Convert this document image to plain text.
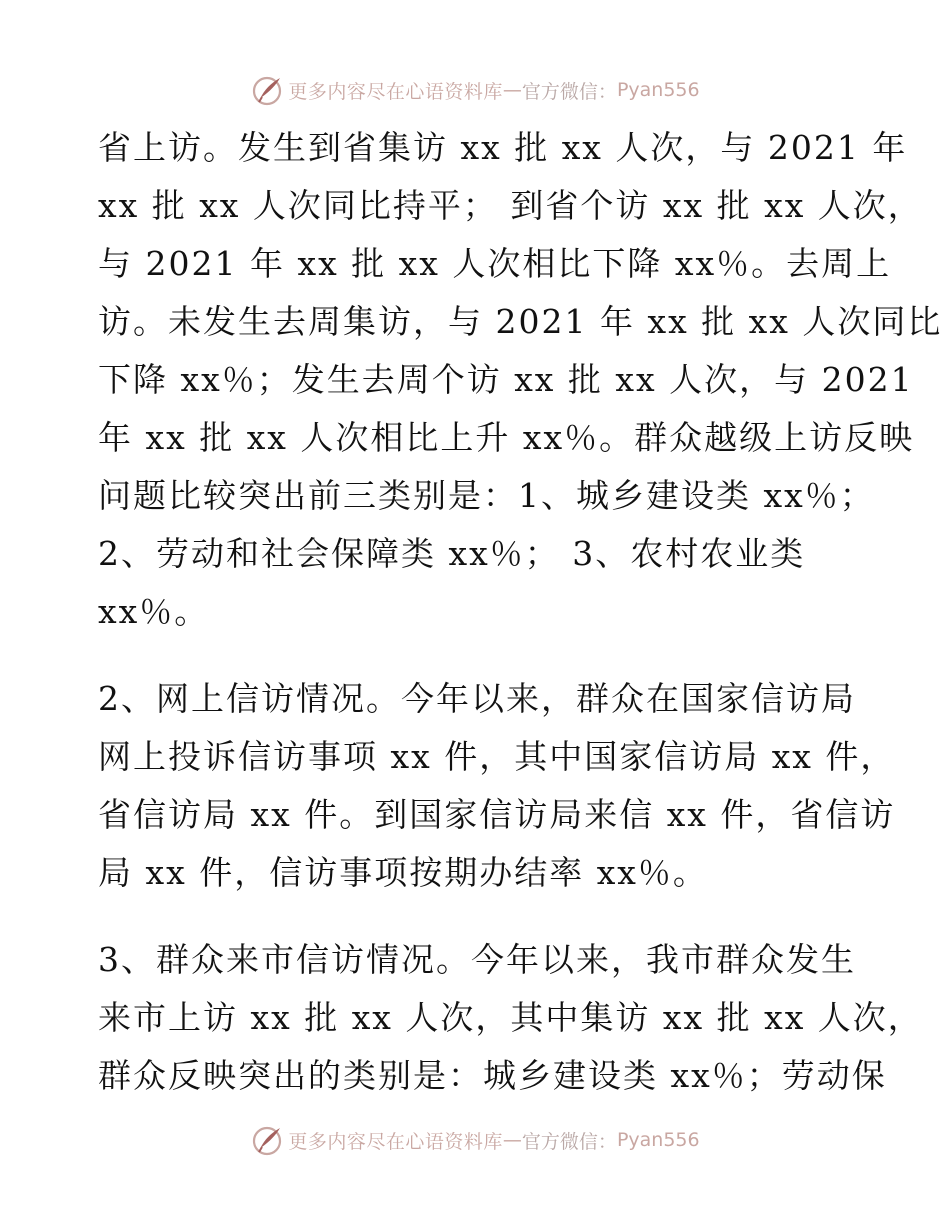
更多内容尽在心语资料库 — 官方微信： Pyan556
省上访。发生到省集访 xx 批 xx 人次，与 2021 年
xx 批 xx 人次同比持平； 到省个访 xx 批 xx 人次，
与 2021 年 xx 批 xx 人次相比下降 xx％。去周上
访。未发生去周集访，与 2021 年 xx 批 xx 人次同比
下降 xx％；发生去周个访 xx 批 xx 人次，与 2021
年 xx 批 xx 人次相比上升 xx％。群众越级上访反映
问题比较突出前三类别是：1、城乡建设类 xx％；
2、劳动和社会保障类 xx％； 3、农村农业类
xx％。
2、网上信访情况。今年以来，群众在国家信访局
网上投诉信访事项 xx 件，其中国家信访局 xx 件，
省信访局 xx 件。到国家信访局来信 xx 件，省信访
局 xx 件，信访事项按期办结率 xx％。
3、群众来市信访情况。今年以来，我市群众发生
来市上访 xx 批 xx 人次，其中集访 xx 批 xx 人次，
群众反映突出的类别是：城乡建设类 xx％；劳动保
更多内容尽在心语资料库 — 官方微信： Pyan556
